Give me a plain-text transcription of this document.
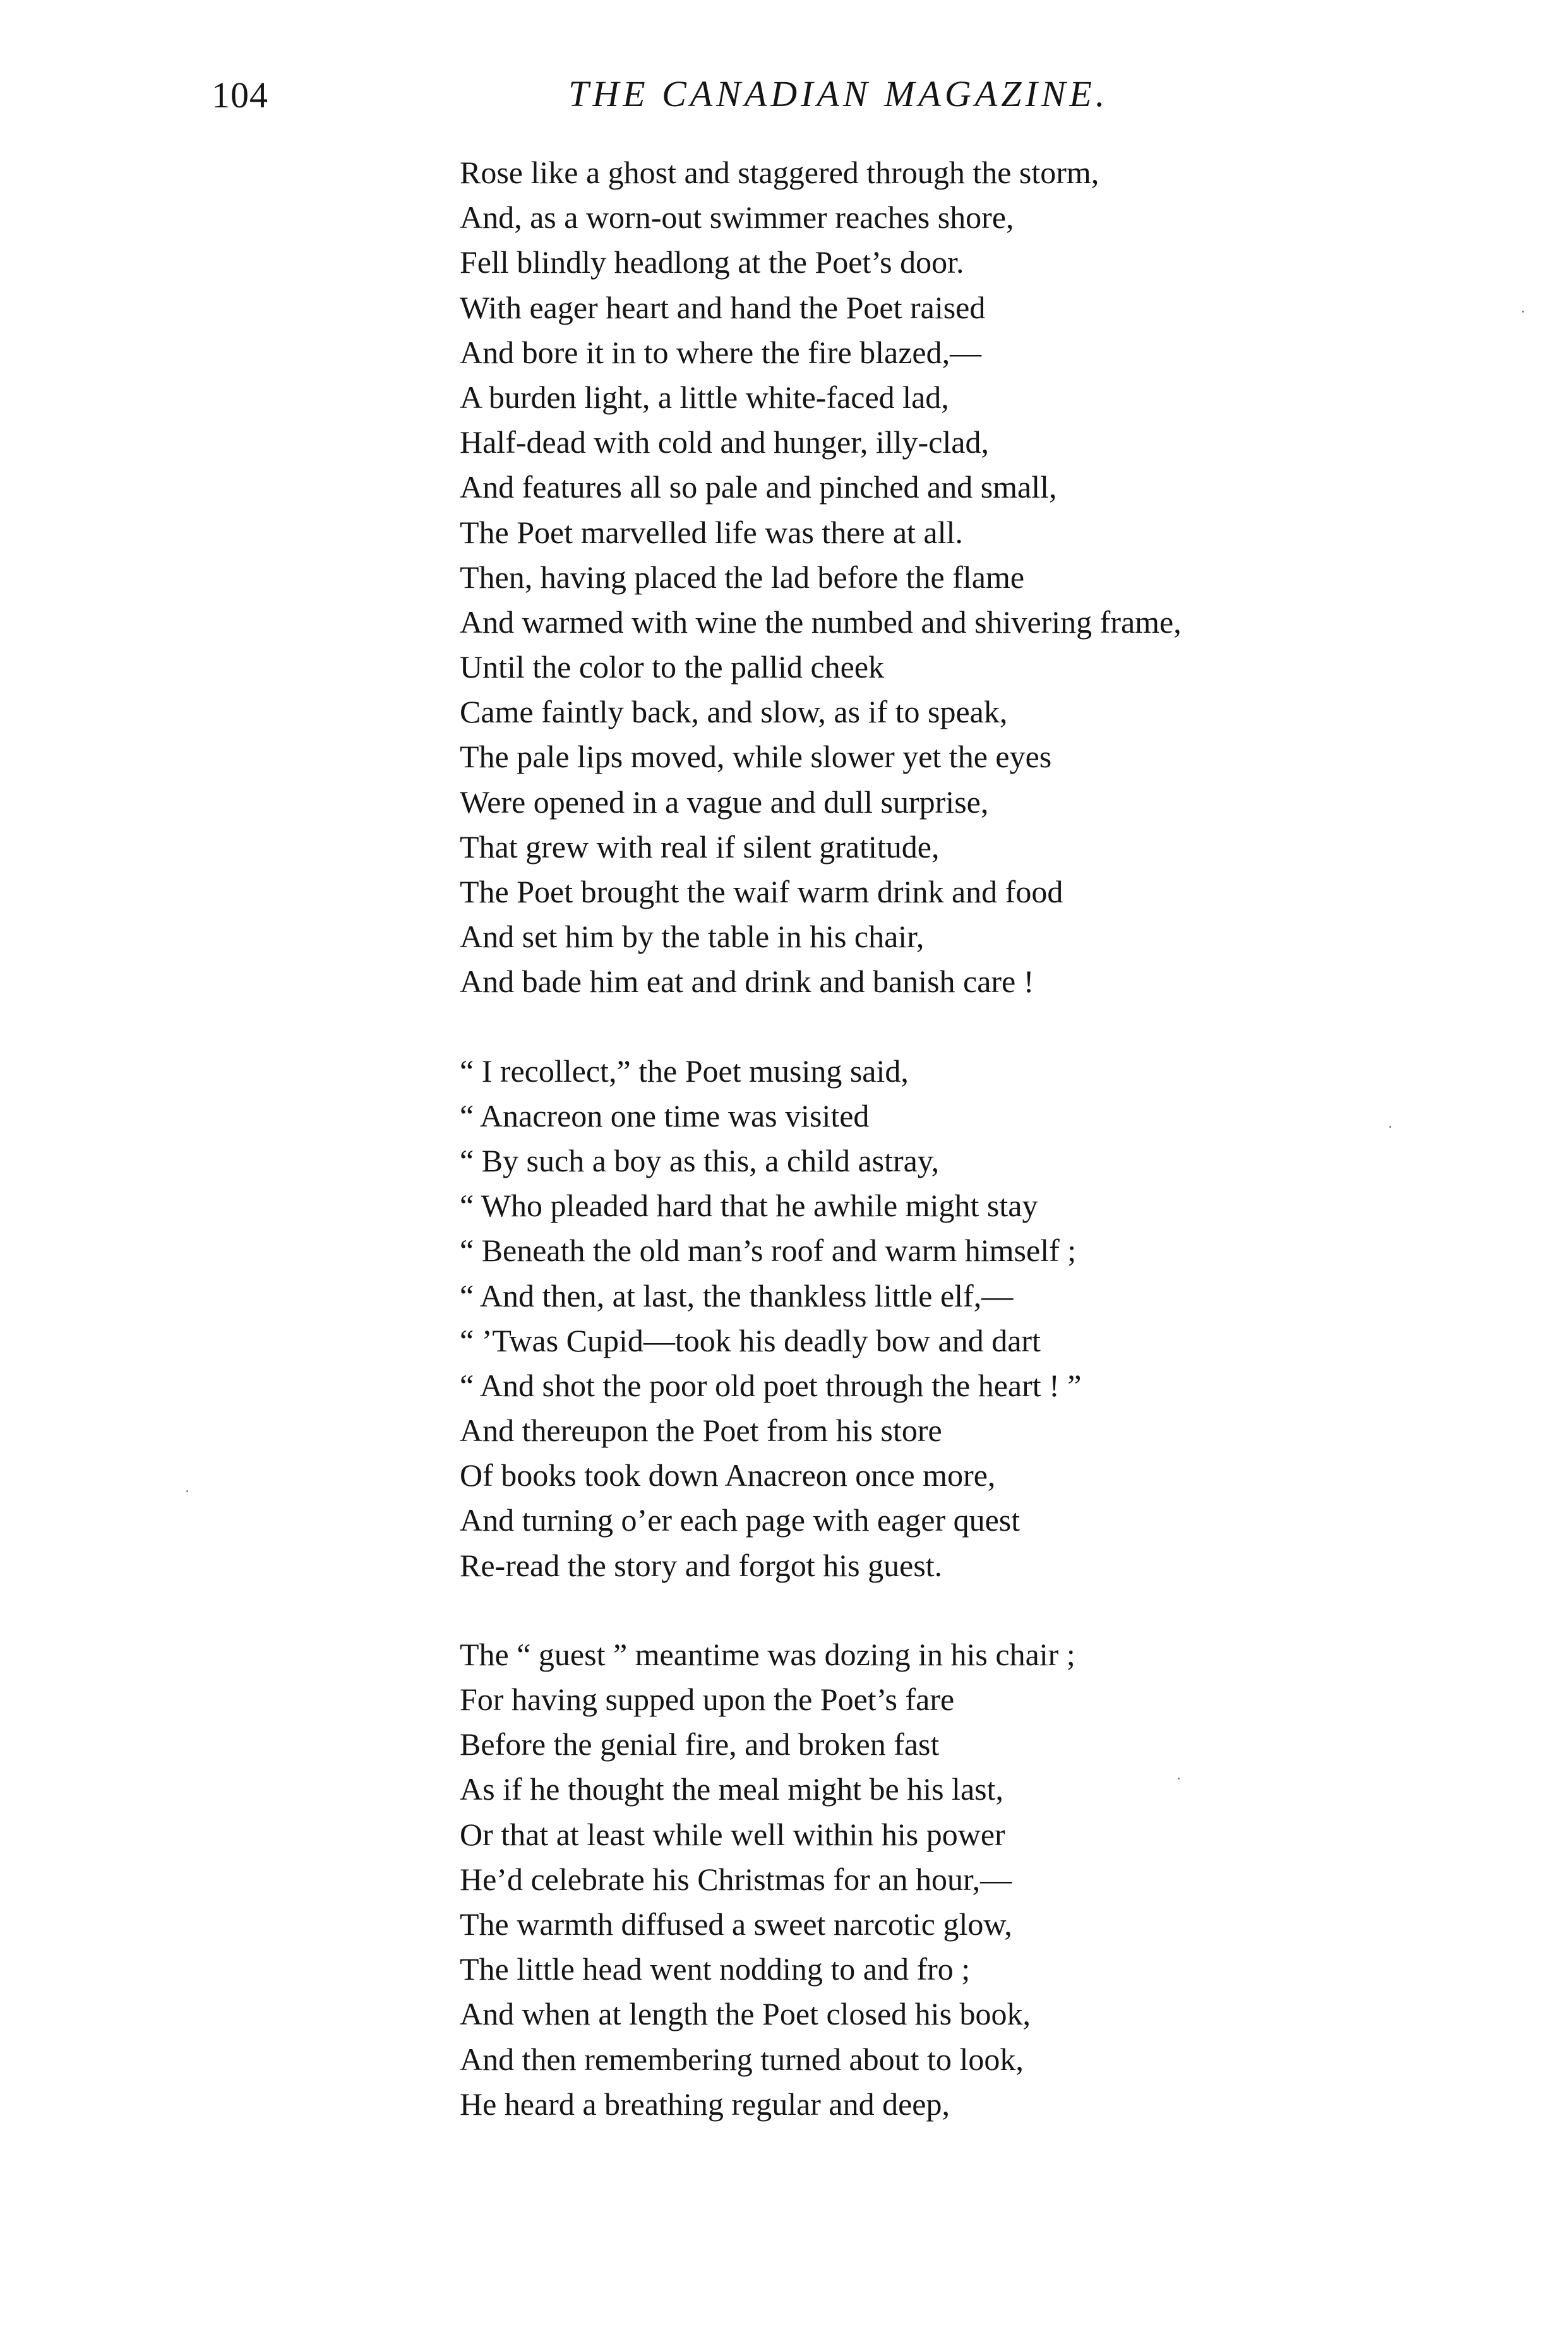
104	THE CANADIAN MAGAZINE.
Rose like a ghost and staggered through the storm,
And, as a worn-out swimmer reaches shore,
Fell blindly headlong at the Poet’s door.
With eager heart and hand the Poet raised
And bore it in to where the fire blazed,—
A burden light, a little white-faced lad,
Half-dead with cold and hunger, illy-clad,
And features all so pale and pinched and small,
The Poet marvelled life was there at all.
Then, having placed the lad before the flame
And warmed with wine the numbed and shivering frame,
Until the color to the pallid cheek
Came faintly back, and slow, as if to speak,
The pale lips moved, while slower yet the eyes
Were opened in a vague and dull surprise,
That grew with real if silent gratitude,
The Poet brought the waif warm drink and food
And set him by the table in his chair,
And bade him eat and drink and banish care !
“ I recollect,” the Poet musing said,
“ Anacreon one time was visited
“ By such a boy as this, a child astray,
“ Who pleaded hard that he awhile might stay
“ Beneath the old man’s roof and warm himself ;
“ And then, at last, the thankless little elf,—
“ ’Twas Cupid—took his deadly bow and dart
“ And shot the poor old poet through the heart ! ”
And thereupon the Poet from his store
Of books took down Anacreon once more,
And turning o’er each page with eager quest
Re-read the story and forgot his guest.
The “ guest ” meantime was dozing in his chair ;
For having supped upon the Poet’s fare
Before the genial fire, and broken fast
As if he thought the meal might be his last,
Or that at least while well within his power
He’d celebrate his Christmas for an hour,—
The warmth diffused a sweet narcotic glow,
The little head went nodding to and fro ;
And when at length the Poet closed his book,
And then remembering turned about to look,
He heard a breathing regular and deep,
